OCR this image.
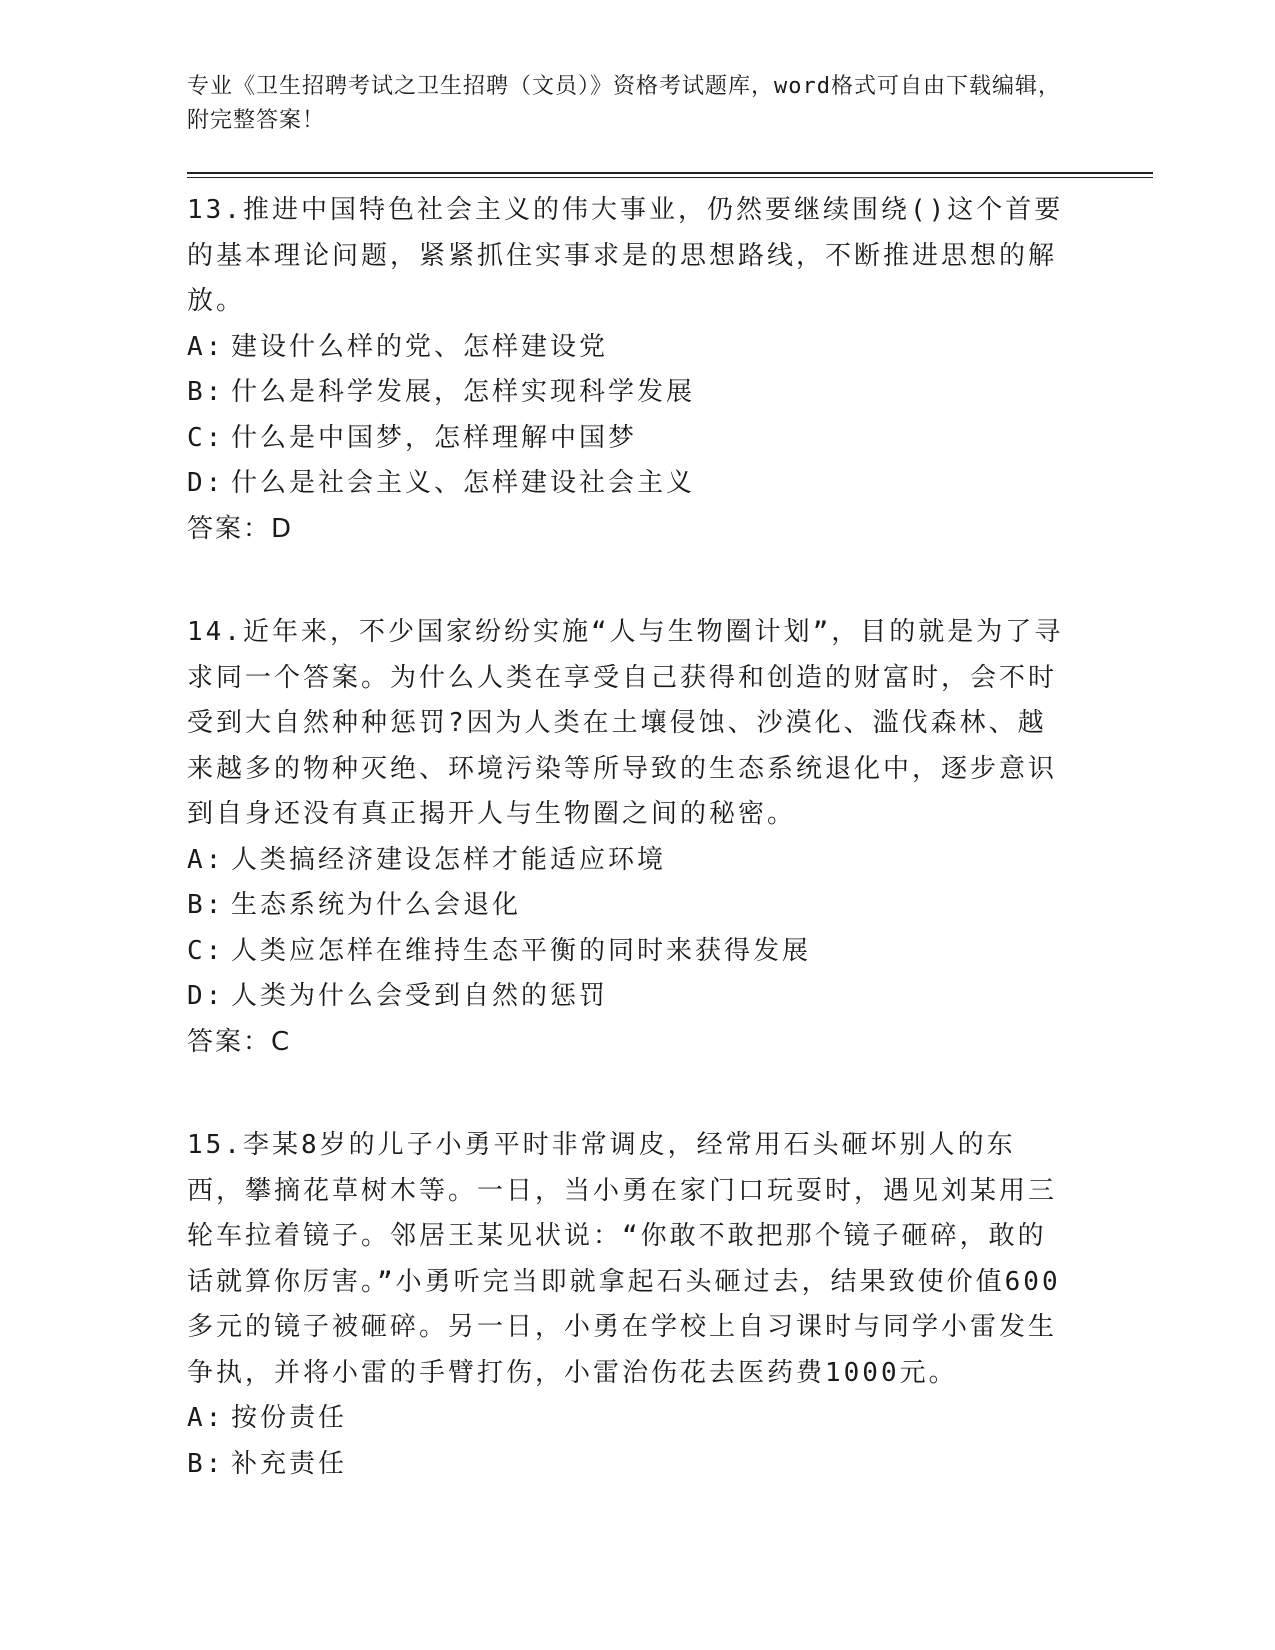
专业《卫生招聘考试之卫生招聘（文员）》资格考试题库，word格式可自由下载编辑，附完整答案！

13.推进中国特色社会主义的伟大事业，仍然要继续围绕()这个首要的基本理论问题，紧紧抓住实事求是的思想路线，不断推进思想的解放。

A: 建设什么样的党、怎样建设党

B: 什么是科学发展，怎样实现科学发展

C: 什么是中国梦，怎样理解中国梦

D: 什么是社会主义、怎样建设社会主义

答案：D

14.近年来，不少国家纷纷实施“人与生物圈计划”，目的就是为了寻求同一个答案。为什么人类在享受自己获得和创造的财富时，会不时受到大自然种种惩罚?因为人类在土壤侵蚀、沙漠化、滥伐森林、越来越多的物种灭绝、环境污染等所导致的生态系统退化中，逐步意识到自身还没有真正揭开人与生物圈之间的秘密。

A: 人类搞经济建设怎样才能适应环境

B: 生态系统为什么会退化

C: 人类应怎样在维持生态平衡的同时来获得发展

D: 人类为什么会受到自然的惩罚

答案：C

15.李某8岁的儿子小勇平时非常调皮，经常用石头砸坏别人的东西，攀摘花草树木等。一日，当小勇在家门口玩耍时，遇见刘某用三轮车拉着镜子。邻居王某见状说：“你敢不敢把那个镜子砸碎，敢的话就算你厉害。”小勇听完当即就拿起石头砸过去，结果致使价值600多元的镜子被砸碎。另一日，小勇在学校上自习课时与同学小雷发生争执，并将小雷的手臂打伤，小雷治伤花去医药费1000元。

A: 按份责任

B: 补充责任
